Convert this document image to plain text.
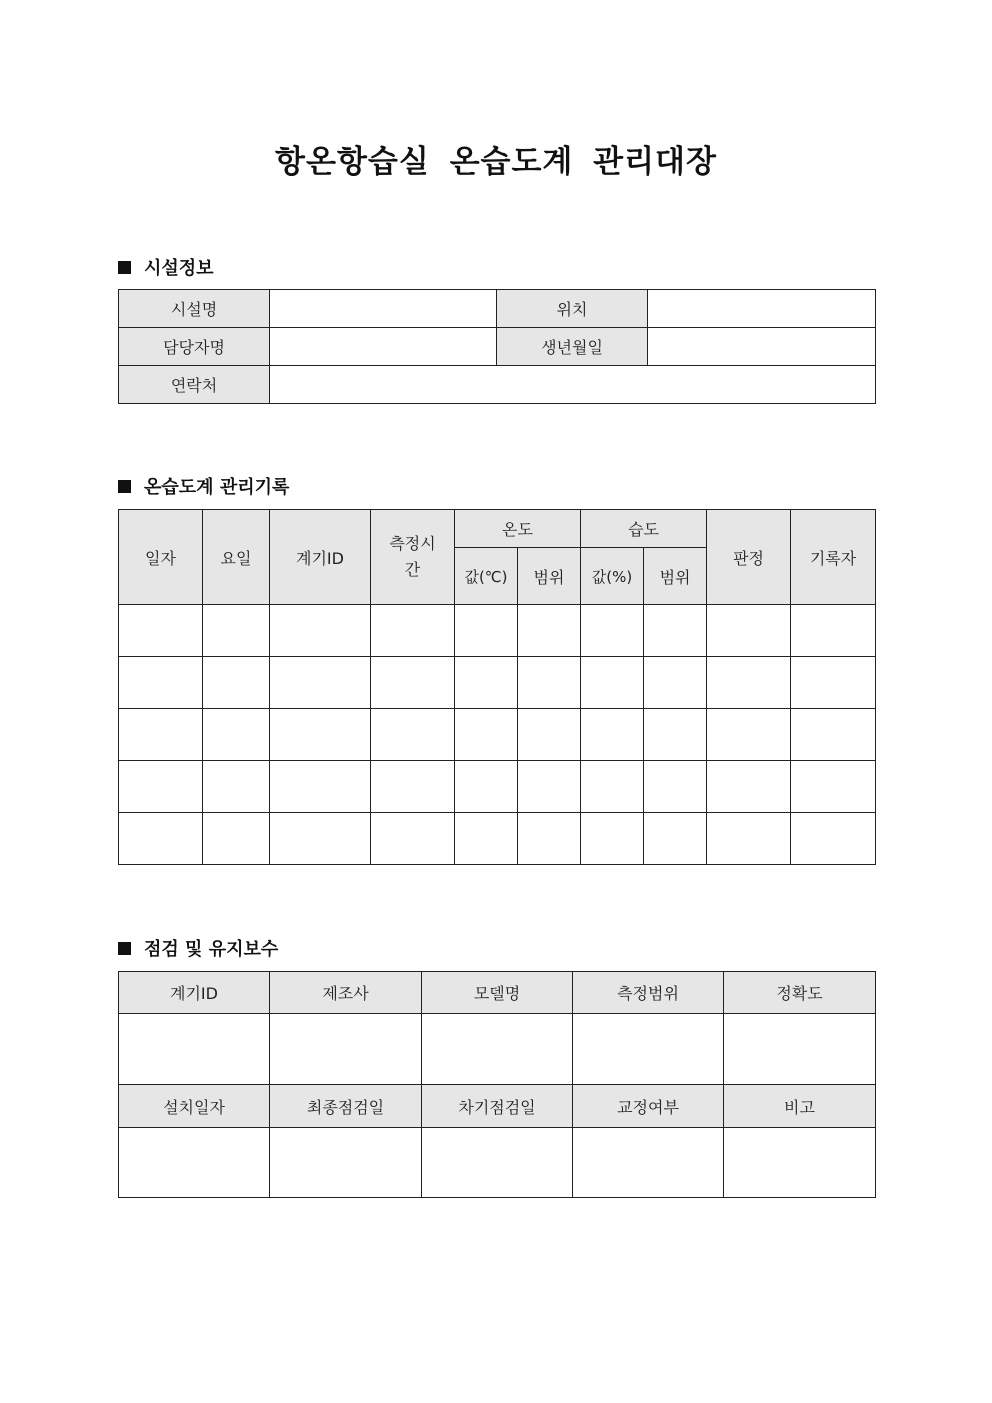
항온항습실 온습도계 관리대장
시설정보
시설명		위치	
담당자명		생년월일	
연락처			
온습도계 관리기록
일자	요일	계기ID	측정시간	온도		습도		판정	기록자
				값(℃)	범위	값(%)	범위		

점검 및 유지보수
계기ID	제조사	모델명	측정범위	정확도

설치일자	최종점검일	차기점검일	교정여부	비고
